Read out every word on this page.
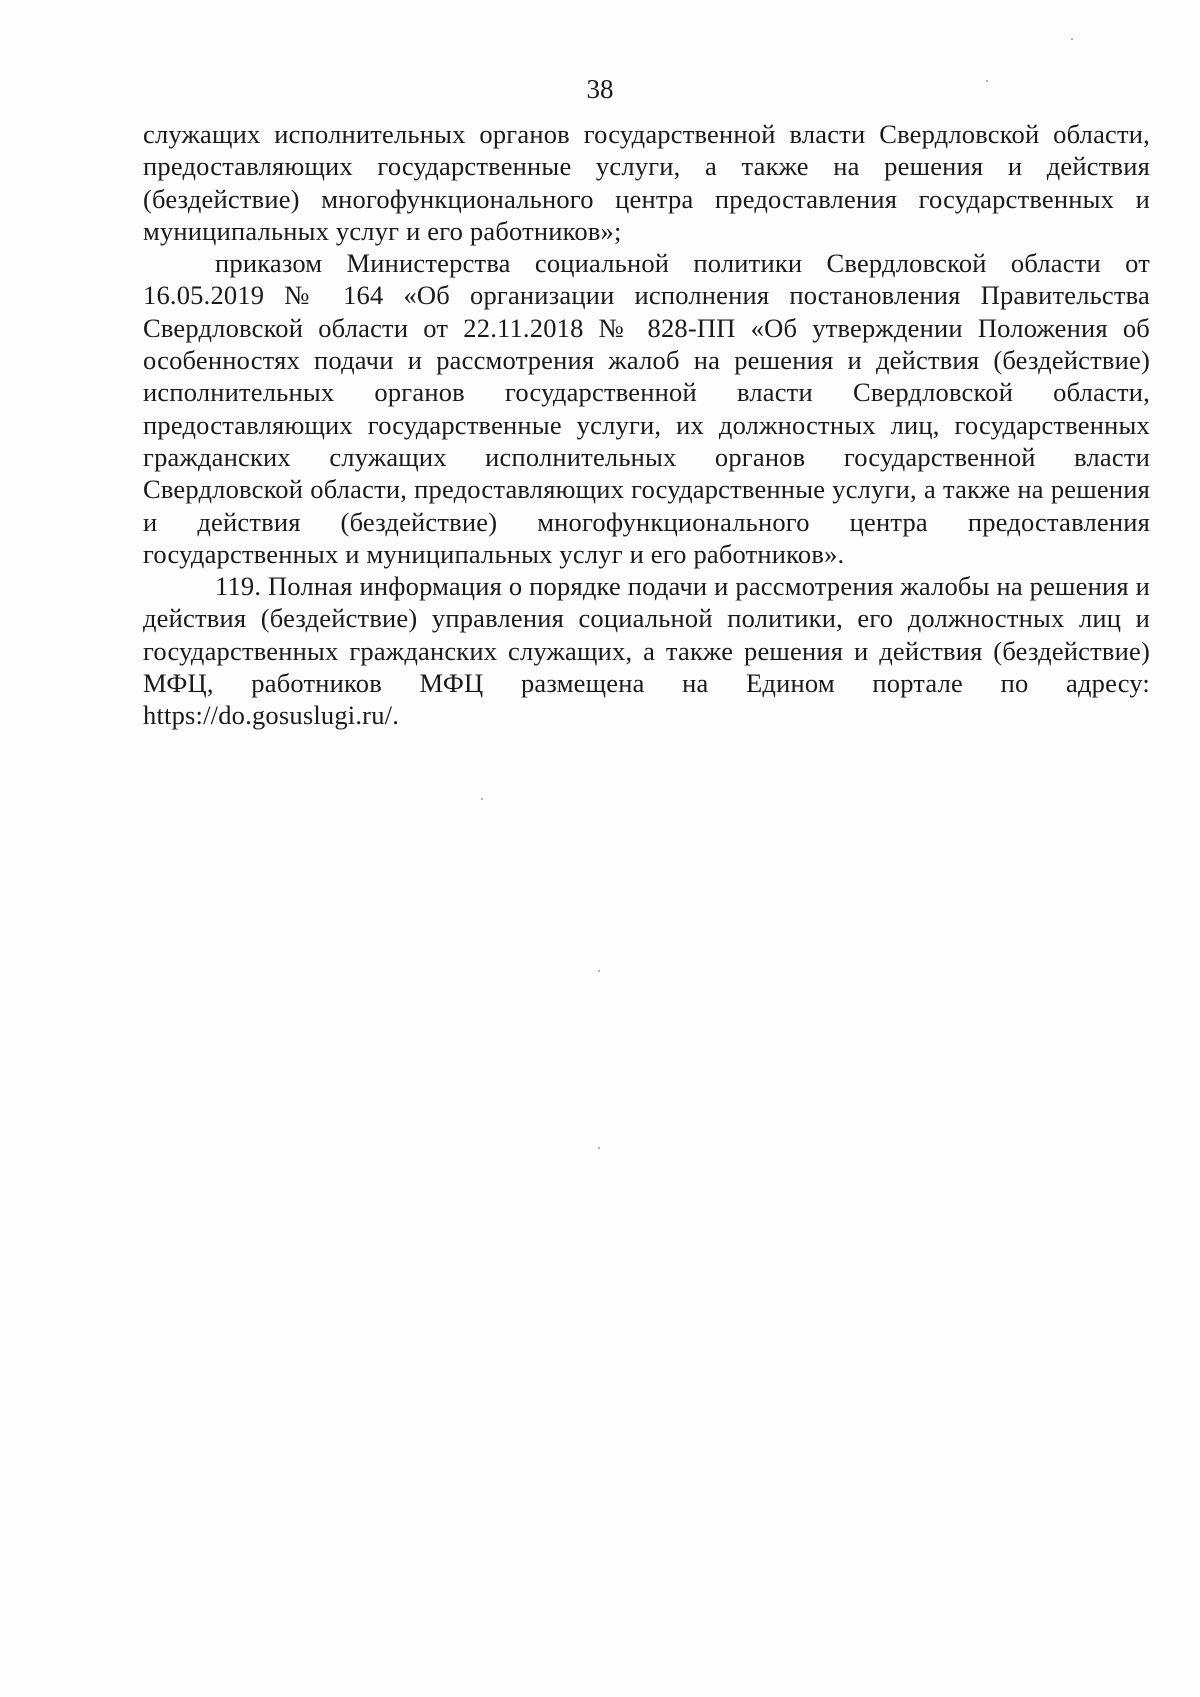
38

служащих исполнительных органов государственной власти Свердловской области, предоставляющих государственные услуги, а также на решения и действия (бездействие) многофункционального центра предоставления государственных и муниципальных услуг и его работников»;

приказом Министерства социальной политики Свердловской области от 16.05.2019 № 164 «Об организации исполнения постановления Правительства Свердловской области от 22.11.2018 № 828-ПП «Об утверждении Положения об особенностях подачи и рассмотрения жалоб на решения и действия (бездействие) исполнительных органов государственной власти Свердловской области, предоставляющих государственные услуги, их должностных лиц, государственных гражданских служащих исполнительных органов государственной власти Свердловской области, предоставляющих государственные услуги, а также на решения и действия (бездействие) многофункционального центра предоставления государственных и муниципальных услуг и его работников».

119. Полная информация о порядке подачи и рассмотрения жалобы на решения и действия (бездействие) управления социальной политики, его должностных лиц и государственных гражданских служащих, а также решения и действия (бездействие) МФЦ, работников МФЦ размещена на Едином портале по адресу: https://do.gosuslugi.ru/.
